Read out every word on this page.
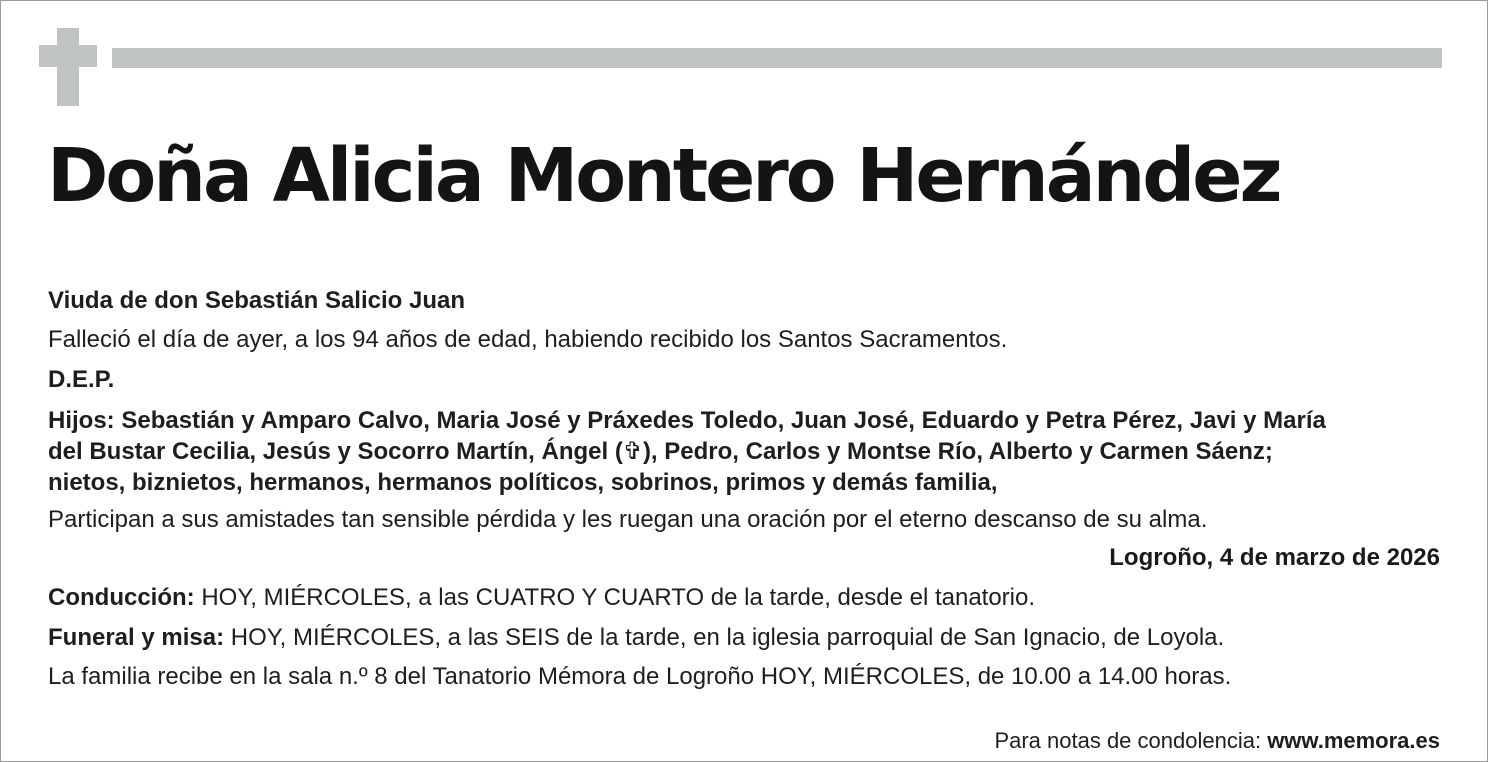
Doña Alicia Montero Hernández
Viuda de don Sebastián Salicio Juan
Falleció el día de ayer, a los 94 años de edad, habiendo recibido los Santos Sacramentos.
D.E.P.
Hijos: Sebastián y Amparo Calvo, Maria José y Práxedes Toledo, Juan José, Eduardo y Petra Pérez, Javi y María
del Bustar Cecilia, Jesús y Socorro Martín, Ángel (✞), Pedro, Carlos y Montse Río, Alberto y Carmen Sáenz;
nietos, biznietos, hermanos, hermanos políticos, sobrinos, primos y demás familia,
Participan a sus amistades tan sensible pérdida y les ruegan una oración por el eterno descanso de su alma.
Logroño, 4 de marzo de 2026
Conducción: HOY, MIÉRCOLES, a las CUATRO Y CUARTO de la tarde, desde el tanatorio.
Funeral y misa: HOY, MIÉRCOLES, a las SEIS de la tarde, en la iglesia parroquial de San Ignacio, de Loyola.
La familia recibe en la sala n.º 8 del Tanatorio Mémora de Logroño HOY, MIÉRCOLES, de 10.00 a 14.00 horas.
Para notas de condolencia: www.memora.es
